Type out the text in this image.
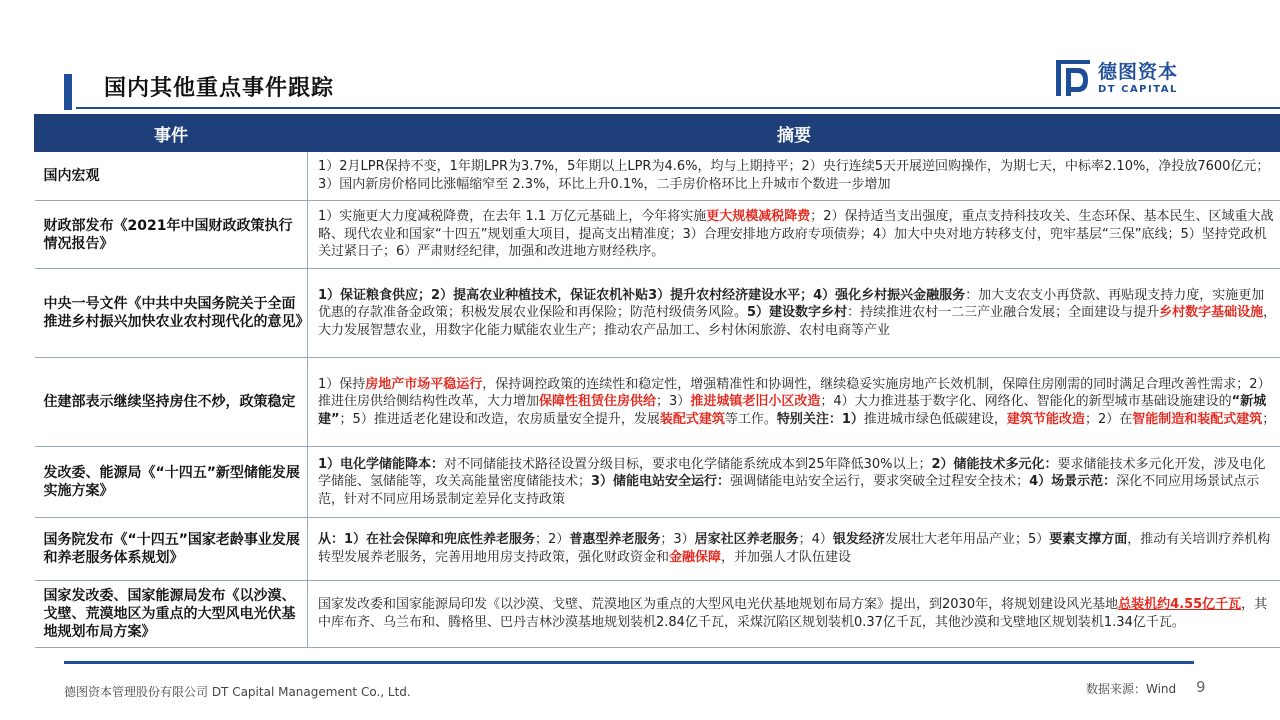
国内其他重点事件跟踪
德图资本
DT CAPITAL
事件	摘要
国内宏观	1）2月LPR保持不变，1年期LPR为3.7%，5年期以上LPR为4.6%，均与上期持平；2）央行连续5天开展逆回购操作，为期七天，中标率2.10%，净投放7600亿元；3）国内新房价格同比涨幅缩窄至 2.3%，环比上升0.1%，二手房价格环比上升城市个数进一步增加
财政部发布《2021年中国财政政策执行情况报告》	1）实施更大力度减税降费，在去年 1.1 万亿元基础上，今年将实施更大规模减税降费；2）保持适当支出强度，重点支持科技攻关、生态环保、基本民生、区域重大战略、现代农业和国家“十四五”规划重大项目，提高支出精准度；3）合理安排地方政府专项债券；4）加大中央对地方转移支付，兜牢基层“三保”底线；5）坚持党政机关过紧日子；6）严肃财经纪律，加强和改进地方财经秩序。
中央一号文件《中共中央国务院关于全面推进乡村振兴加快农业农村现代化的意见》	1）保证粮食供应；2）提高农业种植技术，保证农机补贴3）提升农村经济建设水平；4）强化乡村振兴金融服务：加大支农支小再贷款、再贴现支持力度，实施更加优惠的存款准备金政策；积极发展农业保险和再保险；防范村级债务风险。5）建设数字乡村：持续推进农村一二三产业融合发展；全面建设与提升乡村数字基础设施，大力发展智慧农业，用数字化能力赋能农业生产；推动农产品加工、乡村休闲旅游、农村电商等产业
住建部表示继续坚持房住不炒，政策稳定	1）保持房地产市场平稳运行，保持调控政策的连续性和稳定性，增强精准性和协调性，继续稳妥实施房地产长效机制，保障住房刚需的同时满足合理改善性需求；2）推进住房供给侧结构性改革，大力增加保障性租赁住房供给；3）推进城镇老旧小区改造；4）大力推进基于数字化、网络化、智能化的新型城市基础设施建设的“新城建”；5）推进适老化建设和改造，农房质量安全提升，发展装配式建筑等工作。特别关注：1）推进城市绿色低碳建设，建筑节能改造；2）在智能制造和装配式建筑；
发改委、能源局《“十四五”新型储能发展实施方案》	1）电化学储能降本：对不同储能技术路径设置分级目标，要求电化学储能系统成本到25年降低30%以上；2）储能技术多元化：要求储能技术多元化开发，涉及电化学储能、氢储能等，攻关高能量密度储能技术；3）储能电站安全运行：强调储能电站安全运行，要求突破全过程安全技术；4）场景示范：深化不同应用场景试点示范，针对不同应用场景制定差异化支持政策
国务院发布《“十四五”国家老龄事业发展和养老服务体系规划》	从：1）在社会保障和兜底性养老服务；2）普惠型养老服务；3）居家社区养老服务；4）银发经济发展壮大老年用品产业；5）要素支撑方面，推动有关培训疗养机构转型发展养老服务，完善用地用房支持政策，强化财政资金和金融保障，并加强人才队伍建设
国家发改委、国家能源局发布《以沙漠、戈壁、荒漠地区为重点的大型风电光伏基地规划布局方案》	国家发改委和国家能源局印发《以沙漠、戈壁、荒漠地区为重点的大型风电光伏基地规划布局方案》提出，到2030年，将规划建设风光基地总装机约4.55亿千瓦，其中库布齐、乌兰布和、腾格里、巴丹吉林沙漠基地规划装机2.84亿千瓦，采煤沉陷区规划装机0.37亿千瓦，其他沙漠和戈壁地区规划装机1.34亿千瓦。
德图资本管理股份有限公司 DT Capital Management Co., Ltd.	数据来源：Wind 9
